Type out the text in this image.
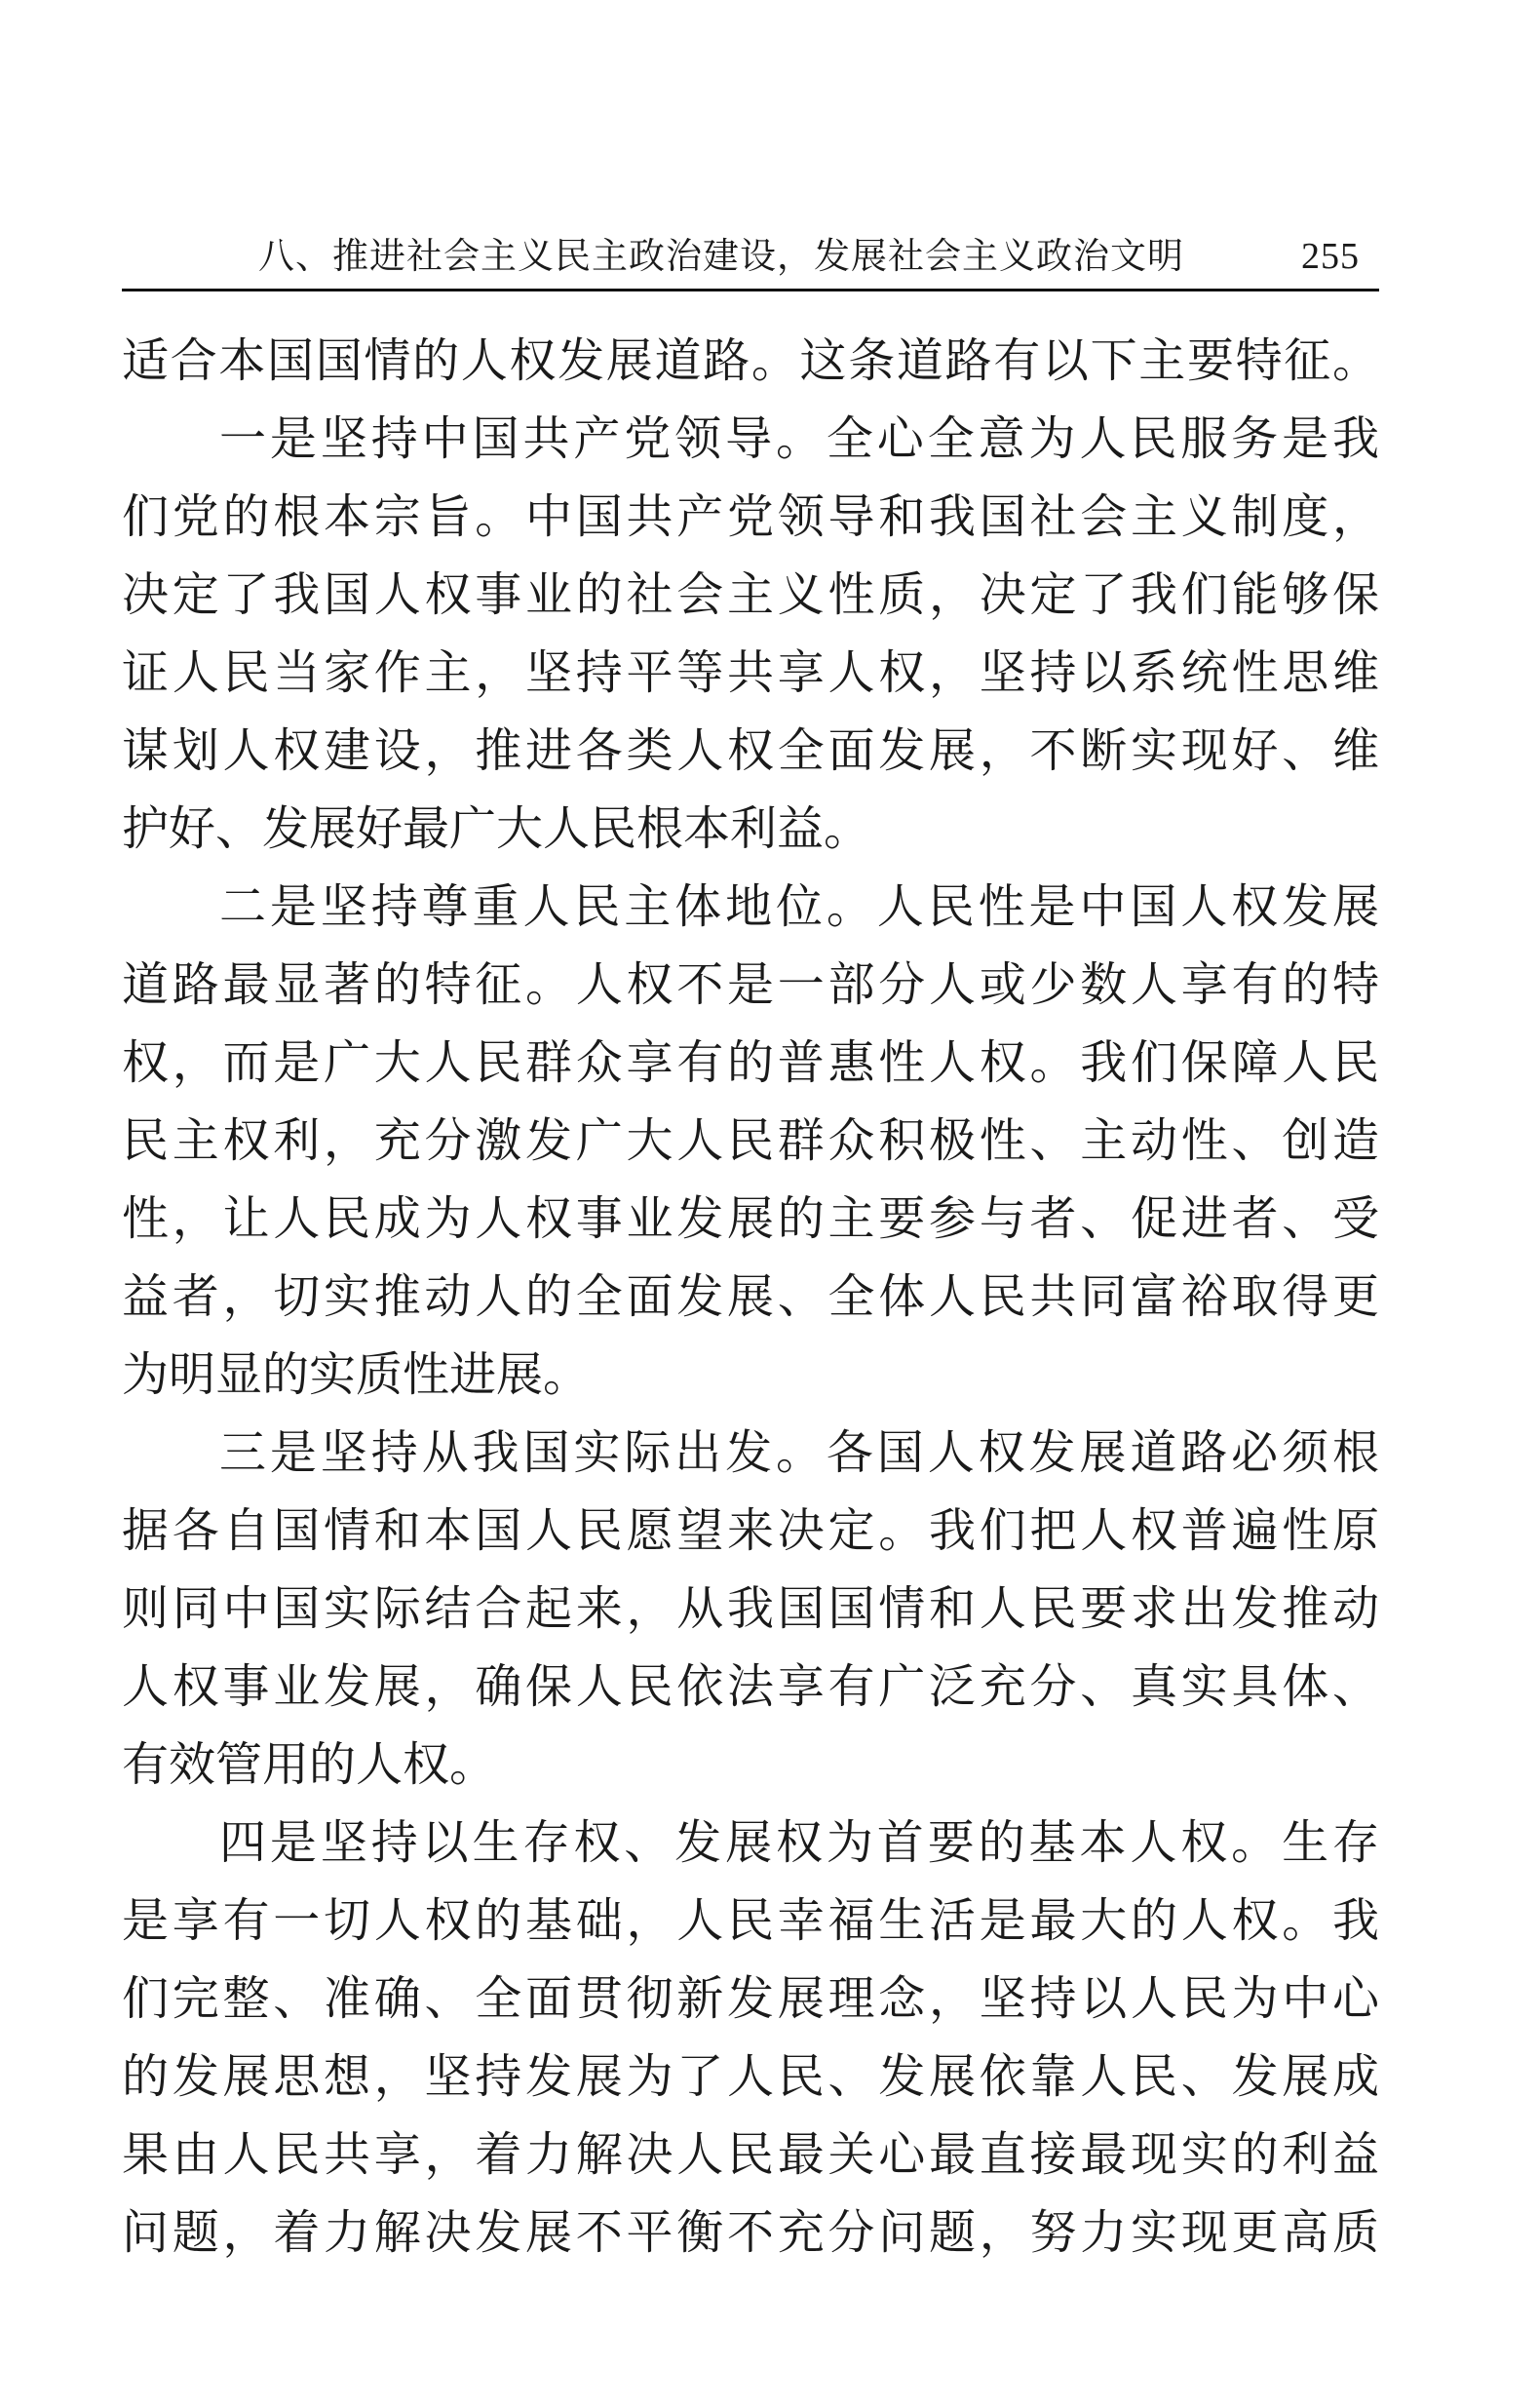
八、推进社会主义民主政治建设，发展社会主义政治文明	255
适合本国国情的人权发展道路。这条道路有以下主要特征。
一是坚持中国共产党领导。全心全意为人民服务是我
们党的根本宗旨。中国共产党领导和我国社会主义制度，
决定了我国人权事业的社会主义性质，决定了我们能够保
证人民当家作主，坚持平等共享人权，坚持以系统性思维
谋划人权建设，推进各类人权全面发展，不断实现好、维
护好、发展好最广大人民根本利益。
二是坚持尊重人民主体地位。人民性是中国人权发展
道路最显著的特征。人权不是一部分人或少数人享有的特
权，而是广大人民群众享有的普惠性人权。我们保障人民
民主权利，充分激发广大人民群众积极性、主动性、创造
性，让人民成为人权事业发展的主要参与者、促进者、受
益者，切实推动人的全面发展、全体人民共同富裕取得更
为明显的实质性进展。
三是坚持从我国实际出发。各国人权发展道路必须根
据各自国情和本国人民愿望来决定。我们把人权普遍性原
则同中国实际结合起来，从我国国情和人民要求出发推动
人权事业发展，确保人民依法享有广泛充分、真实具体、
有效管用的人权。
四是坚持以生存权、发展权为首要的基本人权。生存
是享有一切人权的基础，人民幸福生活是最大的人权。我
们完整、准确、全面贯彻新发展理念，坚持以人民为中心
的发展思想，坚持发展为了人民、发展依靠人民、发展成
果由人民共享，着力解决人民最关心最直接最现实的利益
问题，着力解决发展不平衡不充分问题，努力实现更高质
